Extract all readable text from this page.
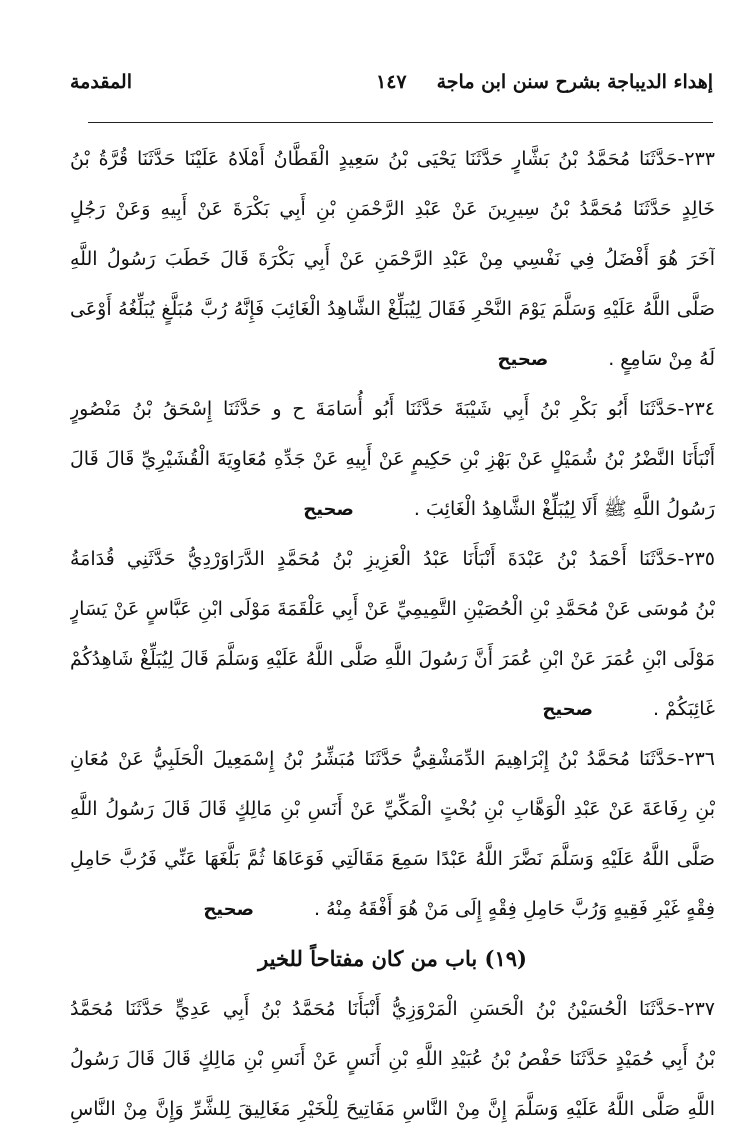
إهداء الديباجة بشرح سنن ابن ماجة
١٤٧
المقدمة
٢٣٣-حَدَّثَنَا مُحَمَّدُ بْنُ بَشَّارٍ حَدَّثَنَا يَحْيَى بْنُ سَعِيدٍ الْقَطَّانُ أَمْلَاهُ عَلَيْنَا حَدَّثَنَا قُرَّةُ بْنُ
خَالِدٍ حَدَّثَنَا مُحَمَّدُ بْنُ سِيرِينَ عَنْ عَبْدِ الرَّحْمَنِ بْنِ أَبِي بَكْرَةَ عَنْ أَبِيهِ وَعَنْ رَجُلٍ
آخَرَ هُوَ أَفْضَلُ فِي نَفْسِي مِنْ عَبْدِ الرَّحْمَنِ عَنْ أَبِي بَكْرَةَ قَالَ خَطَبَ رَسُولُ اللَّهِ
صَلَّى اللَّهُ عَلَيْهِ وَسَلَّمَ يَوْمَ النَّحْرِ فَقَالَ لِيُبَلِّغْ الشَّاهِدُ الْغَائِبَ فَإِنَّهُ رُبَّ مُبَلَّغٍ يُبَلِّغُهُ أَوْعَى
لَهُ مِنْ سَامِعٍ .صحيح
٢٣٤-حَدَّثَنَا أَبُو بَكْرِ بْنُ أَبِي شَيْبَةَ حَدَّثَنَا أَبُو أُسَامَةَ ح و حَدَّثَنَا إِسْحَقُ بْنُ مَنْصُورٍ
أَنْبَأَنَا النَّضْرُ بْنُ شُمَيْلٍ عَنْ بَهْزِ بْنِ حَكِيمٍ عَنْ أَبِيهِ عَنْ جَدِّهِ مُعَاوِيَةَ الْقُشَيْرِيِّ قَالَ قَالَ
رَسُولُ اللَّهِ ﷺ أَلَا لِيُبَلِّغْ الشَّاهِدُ الْغَائِبَ .صحيح
٢٣٥-حَدَّثَنَا أَحْمَدُ بْنُ عَبْدَةَ أَنْبَأَنَا عَبْدُ الْعَزِيزِ بْنُ مُحَمَّدٍ الدَّرَاوَرْدِيُّ حَدَّثَنِي قُدَامَةُ
بْنُ مُوسَى عَنْ مُحَمَّدِ بْنِ الْحُصَيْنِ التَّمِيمِيِّ عَنْ أَبِي عَلْقَمَةَ مَوْلَى ابْنِ عَبَّاسٍ عَنْ يَسَارٍ
مَوْلَى ابْنِ عُمَرَ عَنْ ابْنِ عُمَرَ أَنَّ رَسُولَ اللَّهِ صَلَّى اللَّهُ عَلَيْهِ وَسَلَّمَ قَالَ لِيُبَلِّغْ شَاهِدُكُمْ
غَائِبَكُمْ .صحيح
٢٣٦-حَدَّثَنَا مُحَمَّدُ بْنُ إِبْرَاهِيمَ الدِّمَشْقِيُّ حَدَّثَنَا مُبَشِّرُ بْنُ إِسْمَعِيلَ الْحَلَبِيُّ عَنْ مُعَانِ
بْنِ رِفَاعَةَ عَنْ عَبْدِ الْوَهَّابِ بْنِ بُخْتٍ الْمَكِّيِّ عَنْ أَنَسِ بْنِ مَالِكٍ قَالَ قَالَ رَسُولُ اللَّهِ
صَلَّى اللَّهُ عَلَيْهِ وَسَلَّمَ نَضَّرَ اللَّهُ عَبْدًا سَمِعَ مَقَالَتِي فَوَعَاهَا ثُمَّ بَلَّغَهَا عَنِّي فَرُبَّ حَامِلِ
فِقْهٍ غَيْرِ فَقِيهٍ وَرُبَّ حَامِلِ فِقْهٍ إِلَى مَنْ هُوَ أَفْقَهُ مِنْهُ .صحيح
(١٩) باب من كان مفتاحاً للخير
٢٣٧-حَدَّثَنَا الْحُسَيْنُ بْنُ الْحَسَنِ الْمَرْوَزِيُّ أَنْبَأَنَا مُحَمَّدُ بْنُ أَبِي عَدِيٍّ حَدَّثَنَا مُحَمَّدُ
بْنُ أَبِي حُمَيْدٍ حَدَّثَنَا حَفْصُ بْنُ عُبَيْدِ اللَّهِ بْنِ أَنَسٍ عَنْ أَنَسِ بْنِ مَالِكٍ قَالَ قَالَ رَسُولُ
اللَّهِ صَلَّى اللَّهُ عَلَيْهِ وَسَلَّمَ إِنَّ مِنْ النَّاسِ مَفَاتِيحَ لِلْخَيْرِ مَغَالِيقَ لِلشَّرِّ وَإِنَّ مِنْ النَّاسِ
